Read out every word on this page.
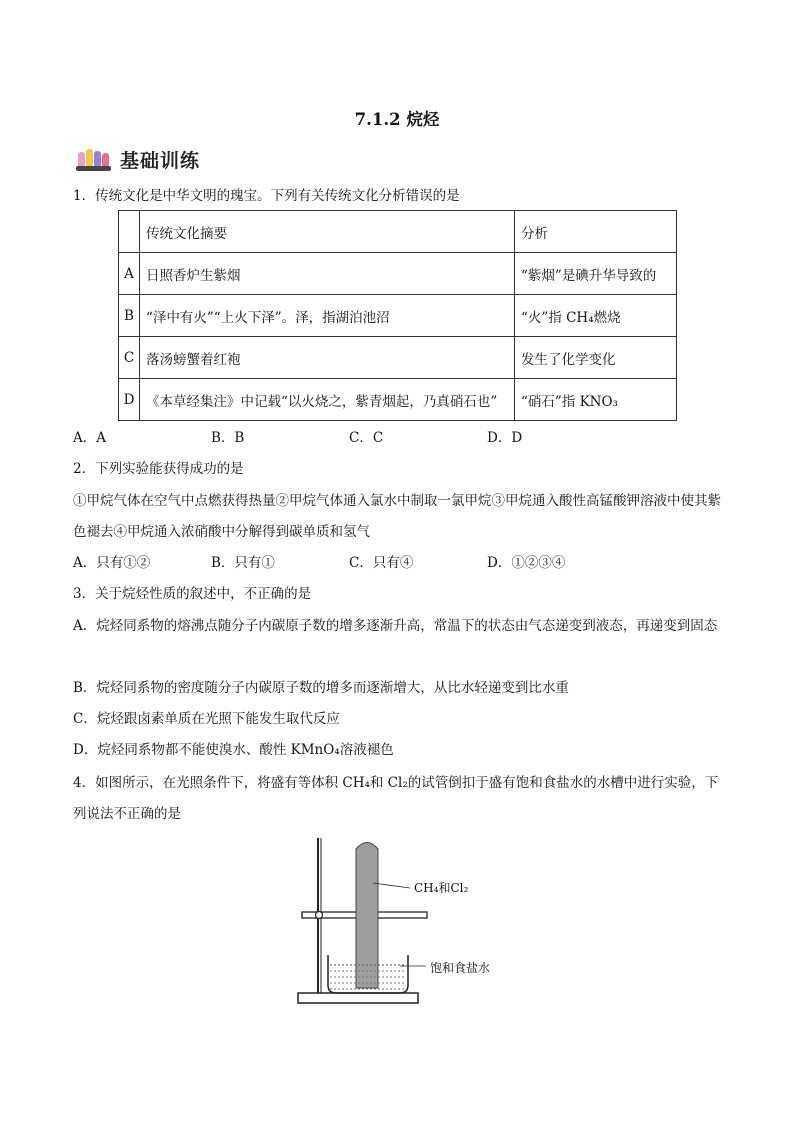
7.1.2 烷烃
基础训练
1．传统文化是中华文明的瑰宝。下列有关传统文化分析错误的是
	传统文化摘要	分析
A	日照香炉生紫烟	“紫烟”是碘升华导致的
B	“泽中有火”“上火下泽”。泽，指湖泊池沼	“火”指 CH₄燃烧
C	落汤螃蟹着红袍	发生了化学变化
D	《本草经集注》中记载“以火烧之，紫青烟起，乃真硝石也”	“硝石”指 KNO₃
A．A	B．B	C．C	D．D
2．下列实验能获得成功的是
①甲烷气体在空气中点燃获得热量②甲烷气体通入氯水中制取一氯甲烷③甲烷通入酸性高锰酸钾溶液中使其紫色褪去④甲烷通入浓硝酸中分解得到碳单质和氢气
A．只有①②	B．只有①	C．只有④	D．①②③④
3．关于烷烃性质的叙述中，不正确的是
A．烷烃同系物的熔沸点随分子内碳原子数的增多逐渐升高，常温下的状态由气态递变到液态，再递变到固态
B．烷烃同系物的密度随分子内碳原子数的增多而逐渐增大，从比水轻递变到比水重
C．烷烃跟卤素单质在光照下能发生取代反应
D．烷烃同系物都不能使溴水、酸性 KMnO₄溶液褪色
4．如图所示，在光照条件下，将盛有等体积 CH₄和 Cl₂的试管倒扣于盛有饱和食盐水的水槽中进行实验，下列说法不正确的是
CH₄和Cl₂
饱和食盐水
